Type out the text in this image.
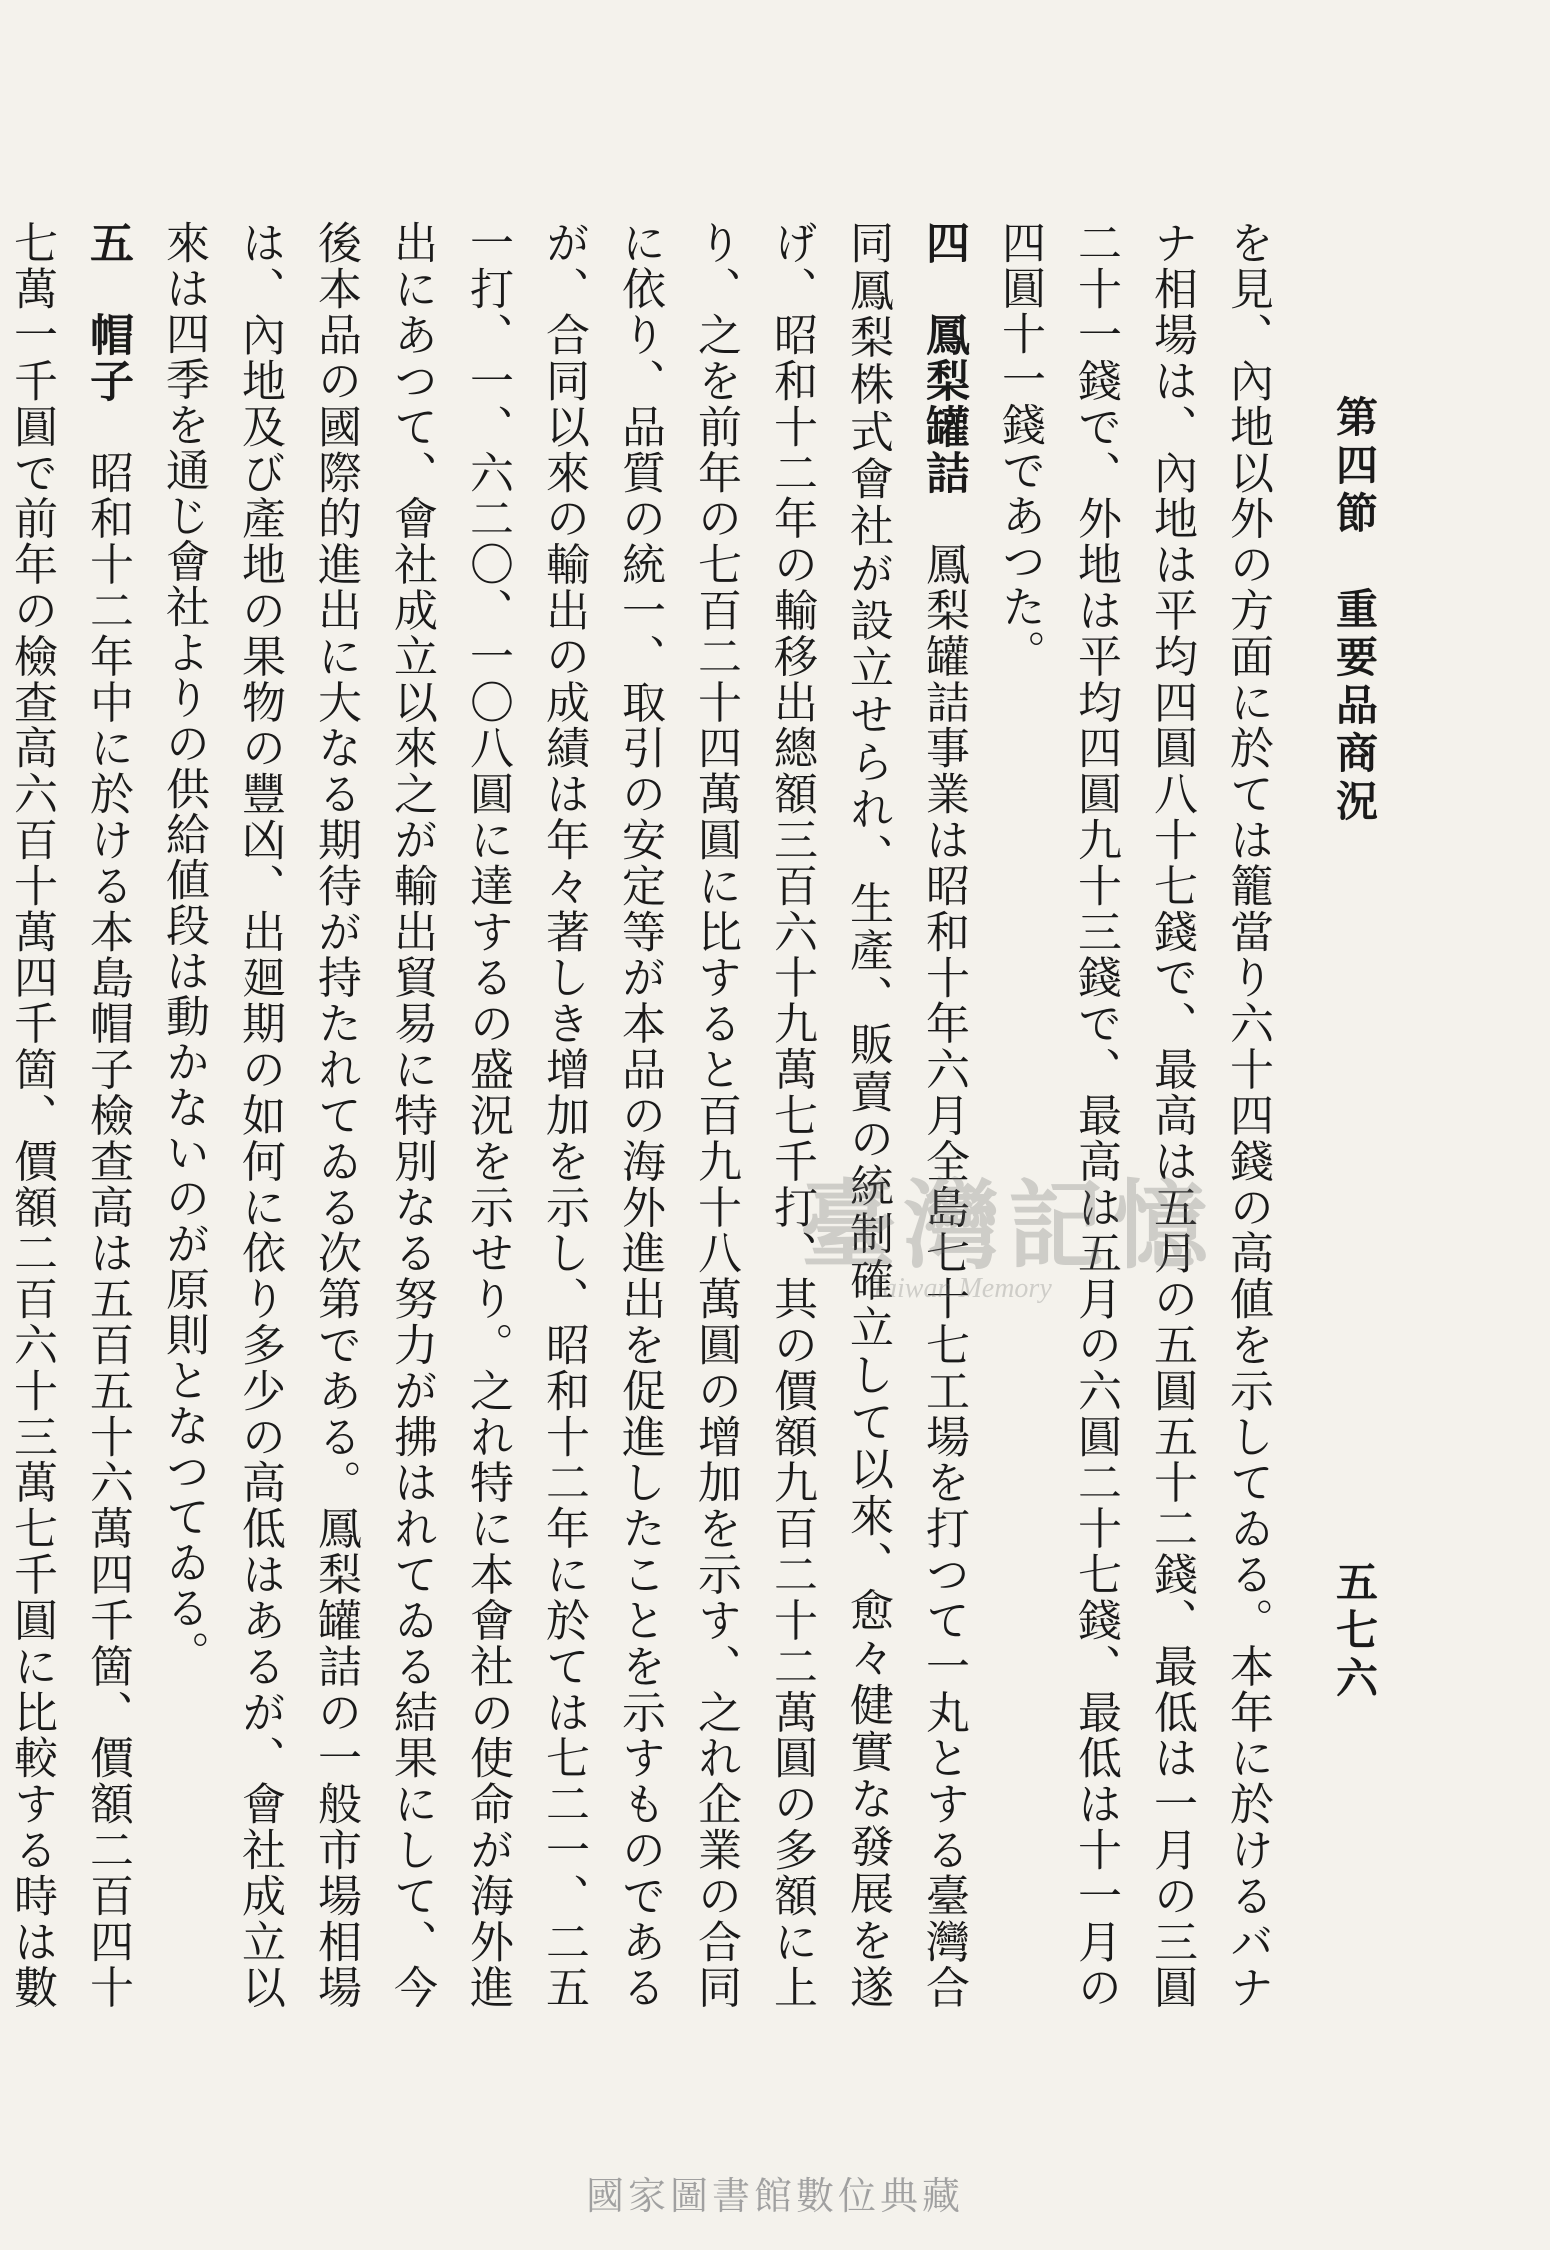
第四節　重要品商況
五七六

を見、內地以外の方面に於ては籠當り六十四錢の高値を示してゐる。本年に於けるバナナ相場は、內地は平均四圓八十七錢で、最高は五月の五圓五十二錢、最低は一月の三圓二十一錢で、外地は平均四圓九十三錢で、最高は五月の六圓二十七錢、最低は十一月の四圓十一錢であつた。

四　鳳梨罐詰　鳳梨罐詰事業は昭和十年六月全島七十七工場を打つて一丸とする臺灣合同鳳梨株式會社が設立せられ、生產、販賣の統制確立して以來、愈々健實な發展を遂げ、昭和十二年の輸移出總額三百六十九萬七千打、其の價額九百二十二萬圓の多額に上り、之を前年の七百二十四萬圓に比すると百九十八萬圓の增加を示す、之れ企業の合同に依り、品質の統一、取引の安定等が本品の海外進出を促進したことを示すものであるが、合同以來の輸出の成績は年々著しき增加を示し、昭和十二年に於ては七二一、二五一打、一、六二〇、一〇八圓に達するの盛況を示せり。之れ特に本會社の使命が海外進出にあつて、會社成立以來之が輸出貿易に特別なる努力が拂はれてゐる結果にして、今後本品の國際的進出に大なる期待が持たれてゐる次第である。鳳梨罐詰の一般市場相場は、內地及び產地の果物の豐凶、出廻期の如何に依り多少の高低はあるが、會社成立以來は四季を通じ會社よりの供給値段は動かないのが原則となつてゐる。

五　帽子　昭和十二年中に於ける本島帽子檢查高は五百五十六萬四千箇、價額二百四十七萬一千圓で前年の檢查高六百十萬四千箇、價額二百六十三萬七千圓に比較する時は數

臺灣記憶
Taiwan Memory
國家圖書館數位典藏
